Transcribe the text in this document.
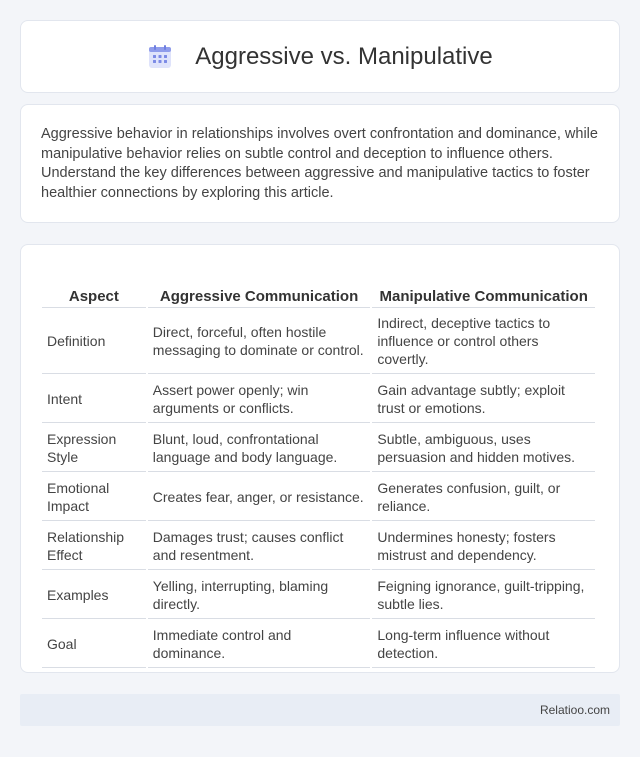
Aggressive vs. Manipulative

Aggressive behavior in relationships involves overt confrontation and dominance, while manipulative behavior relies on subtle control and deception to influence others. Understand the key differences between aggressive and manipulative tactics to foster healthier connections by exploring this article.

Aspect	Aggressive Communication	Manipulative Communication
Definition	Direct, forceful, often hostile messaging to dominate or control.	Indirect, deceptive tactics to influence or control others covertly.
Intent	Assert power openly; win arguments or conflicts.	Gain advantage subtly; exploit trust or emotions.
Expression Style	Blunt, loud, confrontational language and body language.	Subtle, ambiguous, uses persuasion and hidden motives.
Emotional Impact	Creates fear, anger, or resistance.	Generates confusion, guilt, or reliance.
Relationship Effect	Damages trust; causes conflict and resentment.	Undermines honesty; fosters mistrust and dependency.
Examples	Yelling, interrupting, blaming directly.	Feigning ignorance, guilt-tripping, subtle lies.
Goal	Immediate control and dominance.	Long-term influence without detection.
Relatioo.com
